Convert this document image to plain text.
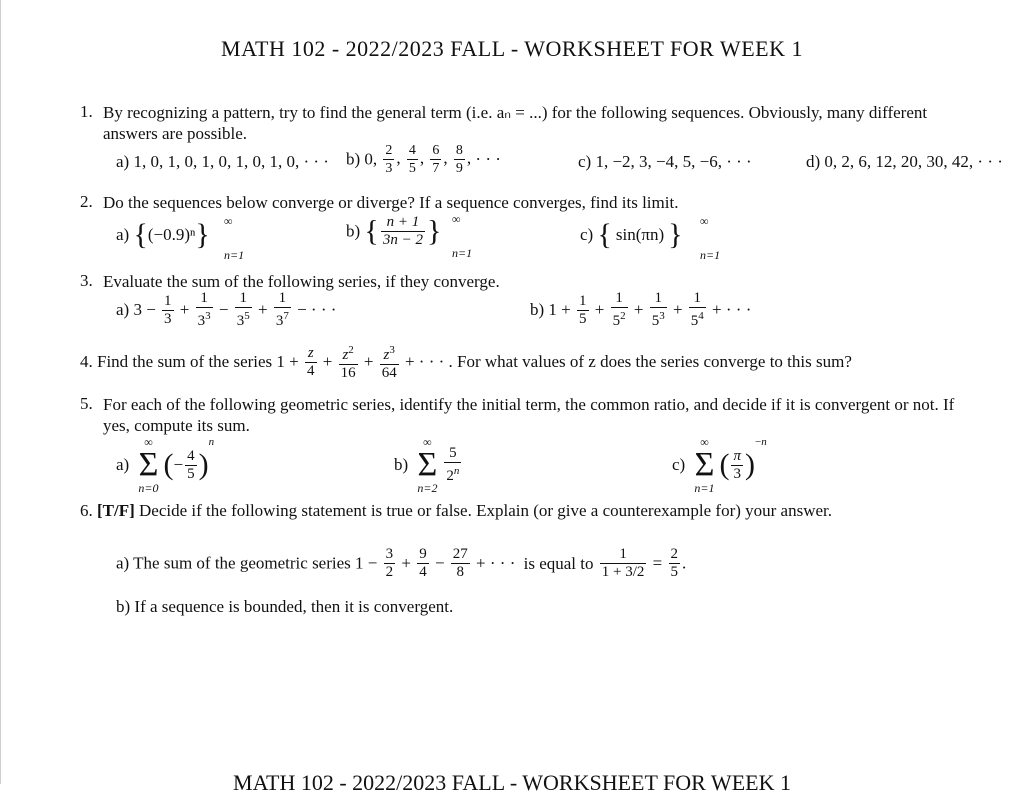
MATH 102 - 2022/2023 FALL - WORKSHEET FOR WEEK 1
1. By recognizing a pattern, try to find the general term (i.e. aₙ = ...) for the following sequences. Obviously, many different answers are possible.
a) 1, 0, 1, 0, 1, 0, 1, 0, 1, 0, · · · b) 0, $\frac{2}{3}$ , $\frac{4}{5}$ , $\frac{6}{7}$ , $\frac{8}{9}$ , · · ·	c) 1, −2, 3, −4, 5, −6, · · ·	d) 0, 2, 6, 12, 20, 30, 42, · · ·
2. Do the sequences below converge or diverge? If a sequence converges, find its limit.
a) {(−0.9)ⁿ} ∞
n=1
b) { $\frac{n + 1}{3n - 2}$ } ∞
n=1
c) { sin(πn) } ∞
n=1
3. Evaluate the sum of the following series, if they converge.
a) $3 - \frac{1}{3} + \frac{1}{3^3} - \frac{1}{3^5} + \frac{1}{3^7}$ − · · ·	b) $1 + \frac{1}{5} + \frac{1}{5^2} + \frac{1}{5^3} + \frac{1}{5^4}$ + · · ·
4. Find the sum of the series $1 + \frac{z}{4} + \frac{z^2}{16} + \frac{z^3}{64}$ + · · · . For what values of z does the series converge to this sum?
5. For each of the following geometric series, identify the initial term, the common ratio, and decide if it is convergent or not. If yes, compute its sum.
a)
∞
Σ
n=0
(− $\frac{4}{5} )^n$
b)
∞
Σ
n=2
$\frac{5}{2^n}$	c)
∞
Σ
n=1
( $\frac{\pi}{3} )^{-n}$
6. [T/F] Decide if the following statement is true or false. Explain (or give a counterexample for) your answer.
a) The sum of the geometric series $1 - \frac{3}{2} + \frac{9}{4} - \frac{27}{8}$ + · · · is equal to $\frac{1}{1 + 3/2} = \frac{2}{5}$ .
b) If a sequence is bounded, then it is convergent.
MATH 102 - 2022/2023 FALL - WORKSHEET FOR WEEK 1
